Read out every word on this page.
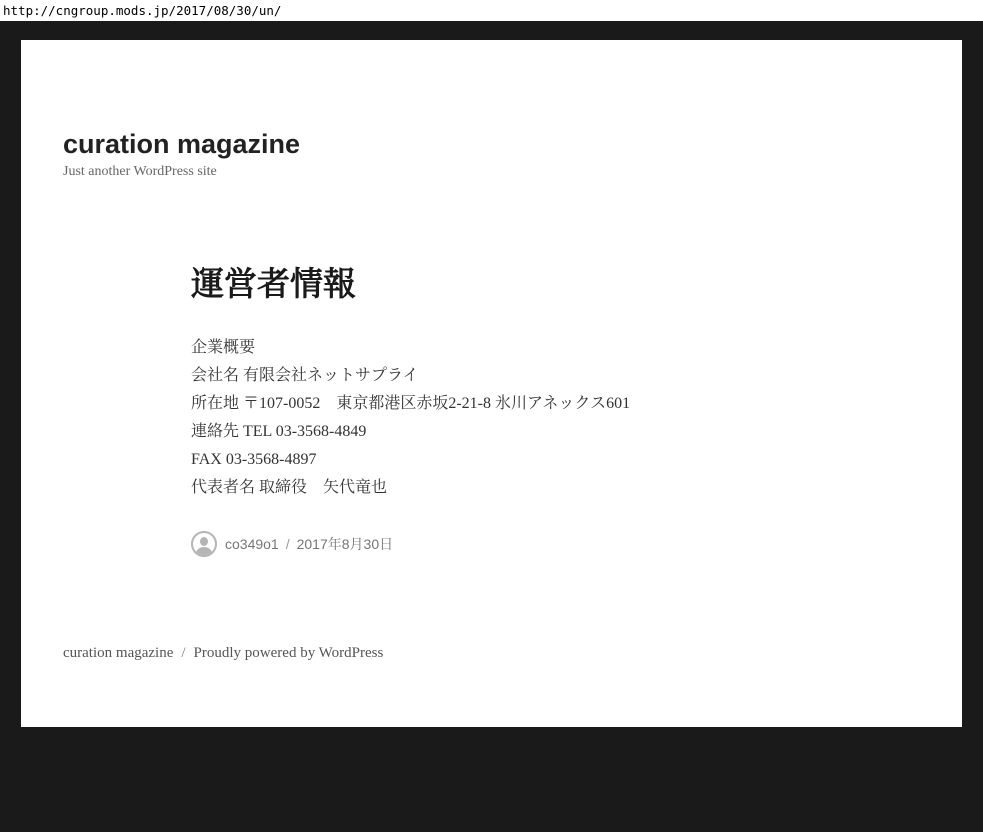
http://cngroup.mods.jp/2017/08/30/un/
curation magazine

Just another WordPress site

運営者情報
企業概要
会社名 有限会社ネットサプライ
所在地 〒107-0052　東京都港区赤坂2-21-8 氷川アネックス601
連絡先 TEL 03-3568-4849
FAX 03-3568-4897
代表者名 取締役　矢代竜也
co349o1 / 2017年8月30日
curation magazine / Proudly powered by WordPress
